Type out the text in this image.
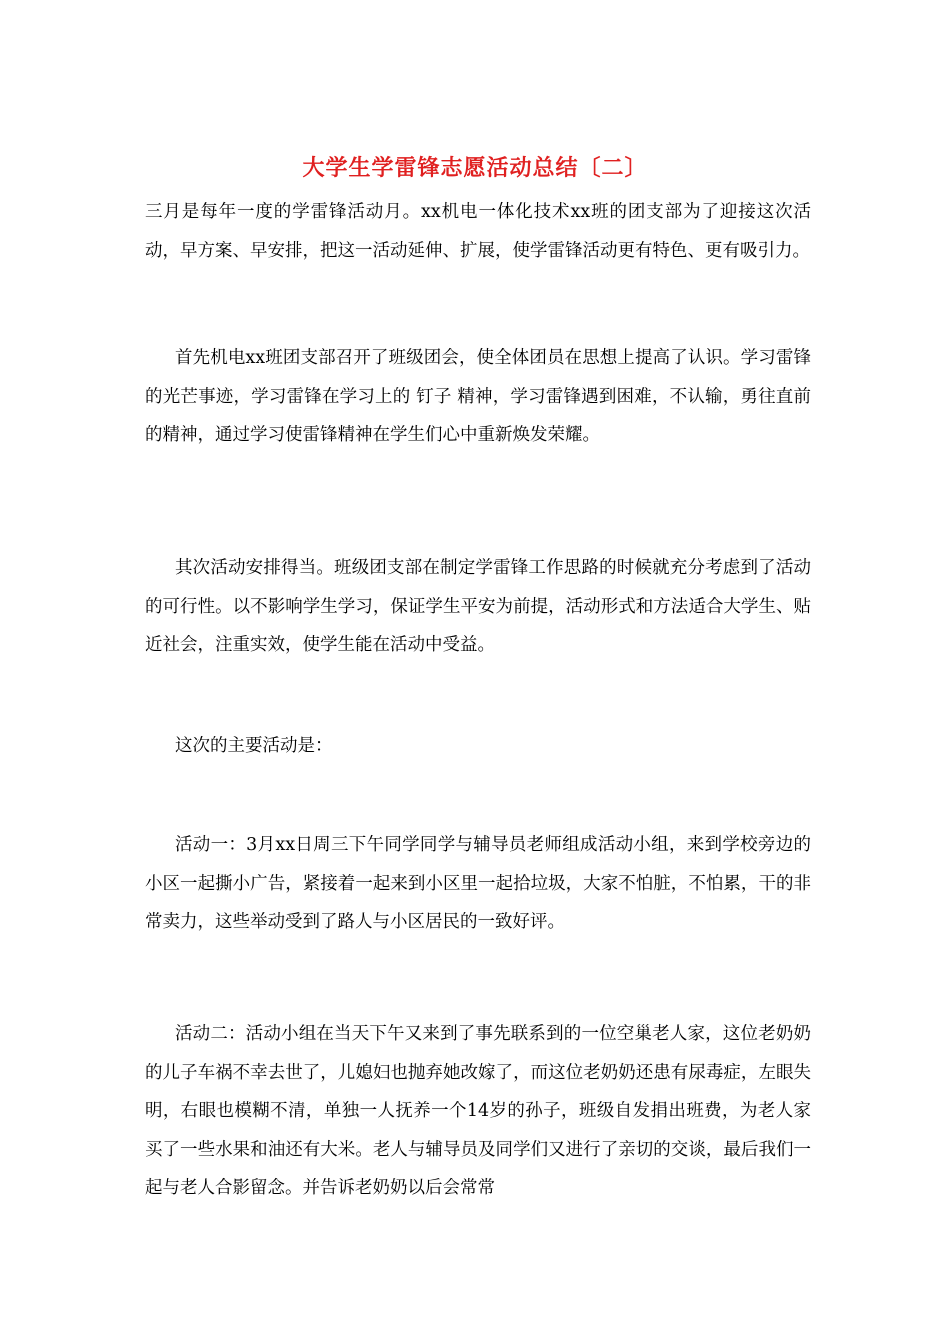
大学生学雷锋志愿活动总结〔二〕

三月是每年一度的学雷锋活动月。xx机电一体化技术xx班的团支部为了迎接这次活动，早方案、早安排，把这一活动延伸、扩展，使学雷锋活动更有特色、更有吸引力。

首先机电xx班团支部召开了班级团会，使全体团员在思想上提高了认识。学习雷锋的光芒事迹，学习雷锋在学习上的 钉子 精神，学习雷锋遇到困难，不认输，勇往直前的精神，通过学习使雷锋精神在学生们心中重新焕发荣耀。

其次活动安排得当。班级团支部在制定学雷锋工作思路的时候就充分考虑到了活动的可行性。以不影响学生学习，保证学生平安为前提，活动形式和方法适合大学生、贴近社会，注重实效，使学生能在活动中受益。

这次的主要活动是：

活动一：3月xx日周三下午同学同学与辅导员老师组成活动小组，来到学校旁边的小区一起撕小广告，紧接着一起来到小区里一起拾垃圾，大家不怕脏，不怕累，干的非常卖力，这些举动受到了路人与小区居民的一致好评。

活动二：活动小组在当天下午又来到了事先联系到的一位空巢老人家，这位老奶奶的儿子车祸不幸去世了，儿媳妇也抛弃她改嫁了，而这位老奶奶还患有尿毒症，左眼失明，右眼也模糊不清，单独一人抚养一个14岁的孙子，班级自发捐出班费，为老人家买了一些水果和油还有大米。老人与辅导员及同学们又进行了亲切的交谈，最后我们一起与老人合影留念。并告诉老奶奶以后会常常
